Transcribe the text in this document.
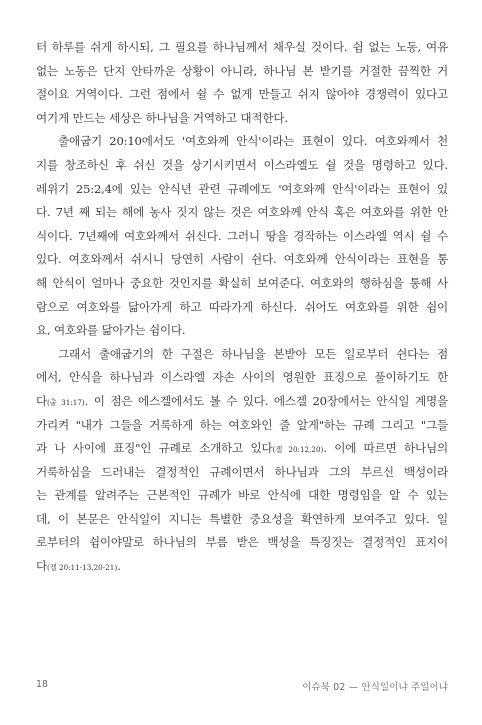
터 하루를 쉬게 하시되, 그 필요를 하나님께서 채우실 것이다. 쉼 없는 노동, 여유
없는 노동은 단지 안타까운 상황이 아니라, 하나님 본 받기를 거절한 끔찍한 거
절이요 거역이다. 그런 점에서 쉴 수 없게 만들고 쉬지 않아야 경쟁력이 있다고
여기게 만드는 세상은 하나님을 거역하고 대적한다.
출애굽기 20:10에서도 '여호와께 안식'이라는 표현이 있다. 여호와께서 천
지를 창조하신 후 쉬신 것을 상기시키면서 이스라엘도 쉴 것을 명령하고 있다.
레위기 25:2,4에 있는 안식년 관련 규례에도 '여호와께 안식'이라는 표현이 있
다. 7년 째 되는 해에 농사 짓지 않는 것은 여호와께 안식 혹은 여호와를 위한 안
식이다. 7년째에 여호와께서 쉬신다. 그러니 땅을 경작하는 이스라엘 역시 쉴 수
있다. 여호와께서 쉬시니 당연히 사람이 쉰다. 여호와께 안식이라는 표현을 통
해 안식이 얼마나 중요한 것인지를 확실히 보여준다. 여호와의 행하심을 통해 사
람으로 여호와를 닮아가게 하고 따라가게 하신다. 쉬어도 여호와를 위한 쉼이
요, 여호와를 닮아가는 쉼이다.
그래서 출애굽기의 한 구절은 하나님을 본받아 모든 일로부터 쉰다는 점
에서, 안식을 하나님과 이스라엘 자손 사이의 영원한 표징으로 풀이하기도 한
다(출 31:17). 이 점은 에스겔에서도 볼 수 있다. 에스겔 20장에서는 안식일 계명을
가리켜 "내가 그들을 거룩하게 하는 여호와인 줄 알게"하는 규례 그리고 "그들
과 나 사이에 표징"인 규례로 소개하고 있다(겔 20:12,20). 이에 따르면 하나님의
거룩하심을 드러내는 결정적인 규례이면서 하나님과 그의 부르신 백성이라
는 관계를 알려주는 근본적인 규례가 바로 안식에 대한 명령임을 알 수 있는
데, 이 본문은 안식일이 지니는 특별한 중요성을 확연하게 보여주고 있다. 일
로부터의 쉼이야말로 하나님의 부름 받은 백성을 특징짓는 결정적인 표지이
다(겔 20:11-13,20-21).
18	이슈북 02 — 안식일이냐 주일이냐
